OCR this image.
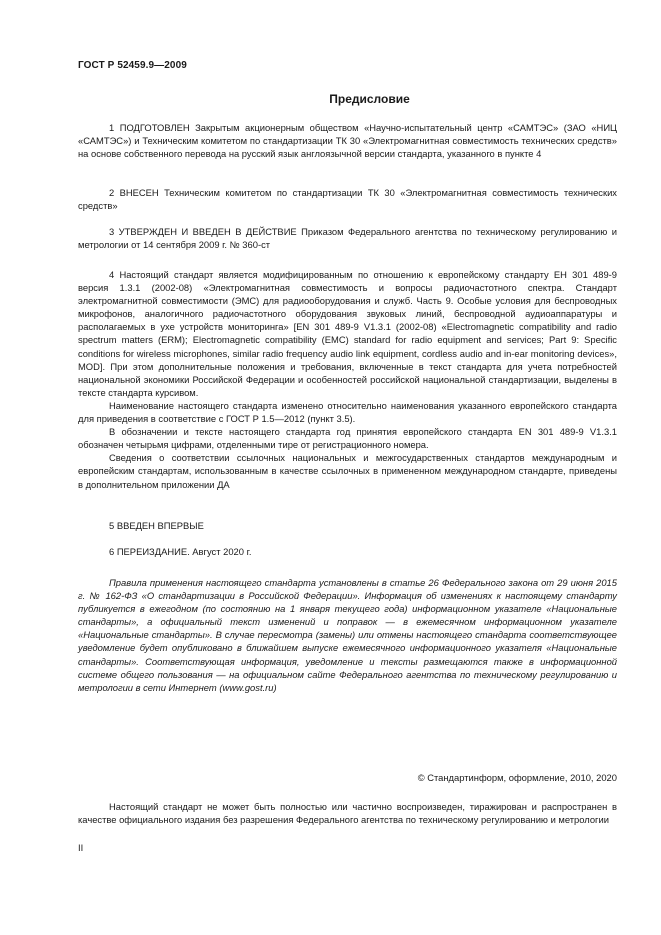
ГОСТ Р 52459.9—2009
Предисловие

1 ПОДГОТОВЛЕН Закрытым акционерным обществом «Научно-испытательный центр «САМТЭС» (ЗАО «НИЦ «САМТЭС») и Техническим комитетом по стандартизации ТК 30 «Электромагнитная совместимость технических средств» на основе собственного перевода на русский язык англоязычной версии стандарта, указанного в пункте 4

2 ВНЕСЕН Техническим комитетом по стандартизации ТК 30 «Электромагнитная совместимость технических средств»

3 УТВЕРЖДЕН И ВВЕДЕН В ДЕЙСТВИЕ Приказом Федерального агентства по техническому регулированию и метрологии от 14 сентября 2009 г. № 360-ст

4 Настоящий стандарт является модифицированным по отношению к европейскому стандарту ЕН 301 489-9 версия 1.3.1 (2002-08) «Электромагнитная совместимость и вопросы радиочастотного спектра. Стандарт электромагнитной совместимости (ЭМС) для радиооборудования и служб. Часть 9. Особые условия для беспроводных микрофонов, аналогичного радиочастотного оборудования звуковых линий, беспроводной аудиоаппаратуры и располагаемых в ухе устройств мониторинга» [EN 301 489-9 V1.3.1 (2002-08) «Electromagnetic compatibility and radio spectrum matters (ERM); Electromagnetic compatibility (EMC) standard for radio equipment and services; Part 9: Specific conditions for wireless microphones, similar radio frequency audio link equipment, cordless audio and in-ear monitoring devices», MOD]. При этом дополнительные положения и требования, включенные в текст стандарта для учета потребностей национальной экономики Российской Федерации и особенностей российской национальной стандартизации, выделены в тексте стандарта курсивом.

Наименование настоящего стандарта изменено относительно наименования указанного европейского стандарта для приведения в соответствие с ГОСТ Р 1.5—2012 (пункт 3.5).

В обозначении и тексте настоящего стандарта год принятия европейского стандарта EN 301 489-9 V1.3.1 обозначен четырьмя цифрами, отделенными тире от регистрационного номера.

Сведения о соответствии ссылочных национальных и межгосударственных стандартов международным и европейским стандартам, использованным в качестве ссылочных в примененном международном стандарте, приведены в дополнительном приложении ДА

5 ВВЕДЕН ВПЕРВЫЕ

6 ПЕРЕИЗДАНИЕ. Август 2020 г.

Правила применения настоящего стандарта установлены в статье 26 Федерального закона от 29 июня 2015 г. № 162-ФЗ «О стандартизации в Российской Федерации». Информация об изменениях к настоящему стандарту публикуется в ежегодном (по состоянию на 1 января текущего года) информационном указателе «Национальные стандарты», а официальный текст изменений и поправок — в ежемесячном информационном указателе «Национальные стандарты». В случае пересмотра (замены) или отмены настоящего стандарта соответствующее уведомление будет опубликовано в ближайшем выпуске ежемесячного информационного указателя «Национальные стандарты». Соответствующая информация, уведомление и тексты размещаются также в информационной системе общего пользования — на официальном сайте Федерального агентства по техническому регулированию и метрологии в сети Интернет (www.gost.ru)

© Стандартинформ, оформление, 2010, 2020

Настоящий стандарт не может быть полностью или частично воспроизведен, тиражирован и распространен в качестве официального издания без разрешения Федерального агентства по техническому регулированию и метрологии

II
